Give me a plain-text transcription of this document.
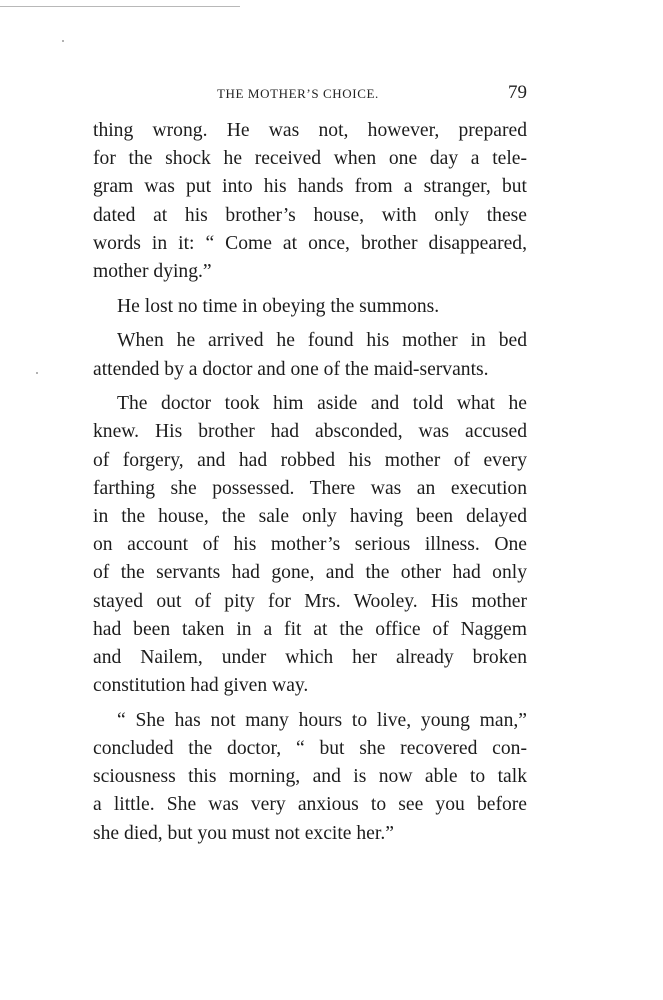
THE MOTHER’S CHOICE.	79
thing wrong. He was not, however, prepared
for the shock he received when one day a tele-
gram was put into his hands from a stranger, but
dated at his brother’s house, with only these
words in it: “ Come at once, brother disappeared,
mother dying.”
He lost no time in obeying the summons.
When he arrived he found his mother in bed
attended by a doctor and one of the maid-servants.
The doctor took him aside and told what he
knew. His brother had absconded, was accused
of forgery, and had robbed his mother of every
farthing she possessed. There was an execution
in the house, the sale only having been delayed
on account of his mother’s serious illness. One
of the servants had gone, and the other had only
stayed out of pity for Mrs. Wooley. His mother
had been taken in a fit at the office of Naggem
and Nailem, under which her already broken
constitution had given way.
“ She has not many hours to live, young man,”
concluded the doctor, “ but she recovered con-
sciousness this morning, and is now able to talk
a little. She was very anxious to see you before
she died, but you must not excite her.”
